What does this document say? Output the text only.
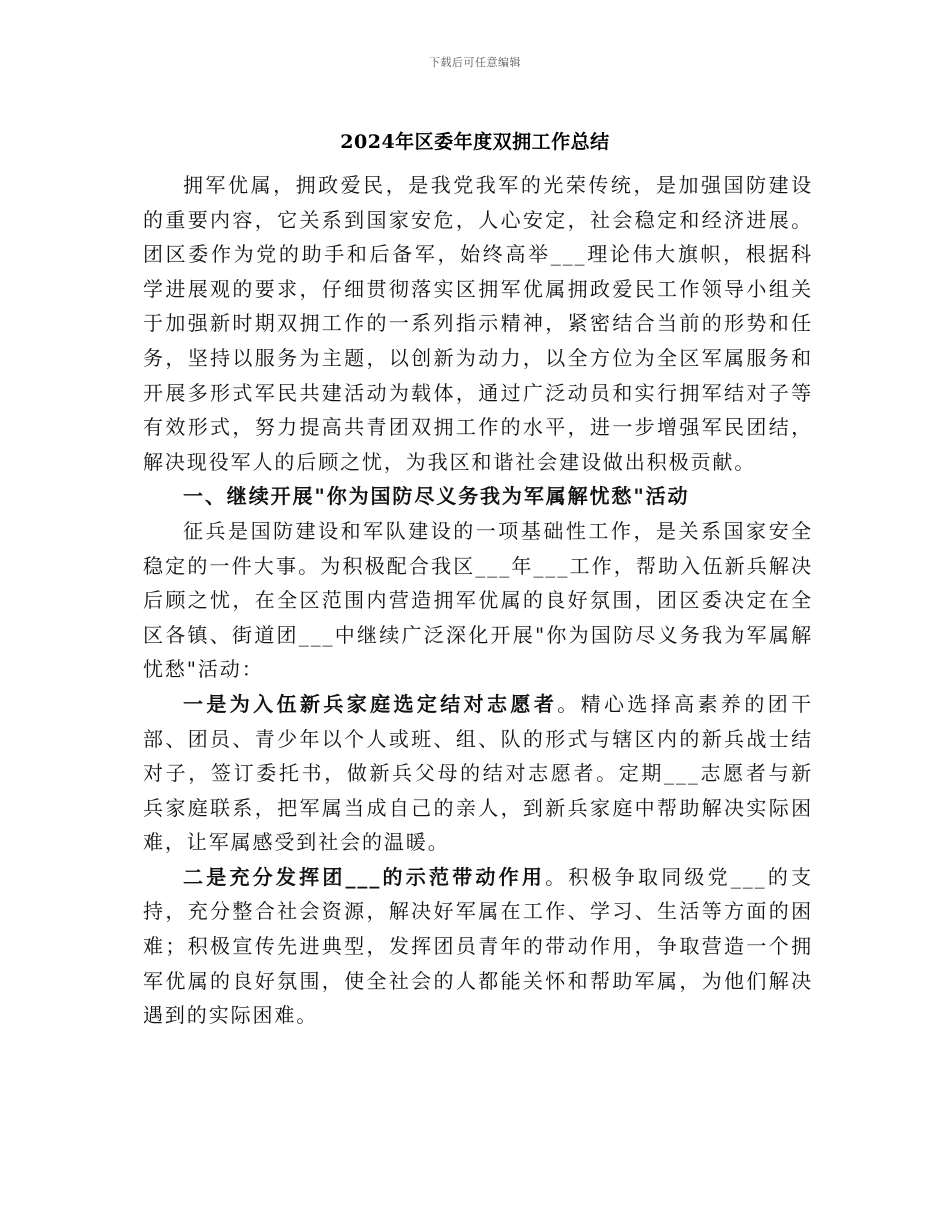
下载后可任意编辑
2024年区委年度双拥工作总结

拥军优属，拥政爱民，是我党我军的光荣传统，是加强国防建设的重要内容，它关系到国家安危，人心安定，社会稳定和经济进展。团区委作为党的助手和后备军，始终高举___理论伟大旗帜，根据科学进展观的要求，仔细贯彻落实区拥军优属拥政爱民工作领导小组关于加强新时期双拥工作的一系列指示精神，紧密结合当前的形势和任务，坚持以服务为主题，以创新为动力，以全方位为全区军属服务和开展多形式军民共建活动为载体，通过广泛动员和实行拥军结对子等有效形式，努力提高共青团双拥工作的水平，进一步增强军民团结，解决现役军人的后顾之忧，为我区和谐社会建设做出积极贡献。

一、继续开展"你为国防尽义务我为军属解忧愁"活动

征兵是国防建设和军队建设的一项基础性工作，是关系国家安全稳定的一件大事。为积极配合我区___年___工作，帮助入伍新兵解决后顾之忧，在全区范围内营造拥军优属的良好氛围，团区委决定在全区各镇、街道团___中继续广泛深化开展"你为国防尽义务我为军属解忧愁"活动：

一是为入伍新兵家庭选定结对志愿者。精心选择高素养的团干部、团员、青少年以个人或班、组、队的形式与辖区内的新兵战士结对子，签订委托书，做新兵父母的结对志愿者。定期___志愿者与新兵家庭联系，把军属当成自己的亲人，到新兵家庭中帮助解决实际困难，让军属感受到社会的温暖。

二是充分发挥团___的示范带动作用。积极争取同级党___的支持，充分整合社会资源，解决好军属在工作、学习、生活等方面的困难；积极宣传先进典型，发挥团员青年的带动作用，争取营造一个拥军优属的良好氛围，使全社会的人都能关怀和帮助军属，为他们解决遇到的实际困难。
